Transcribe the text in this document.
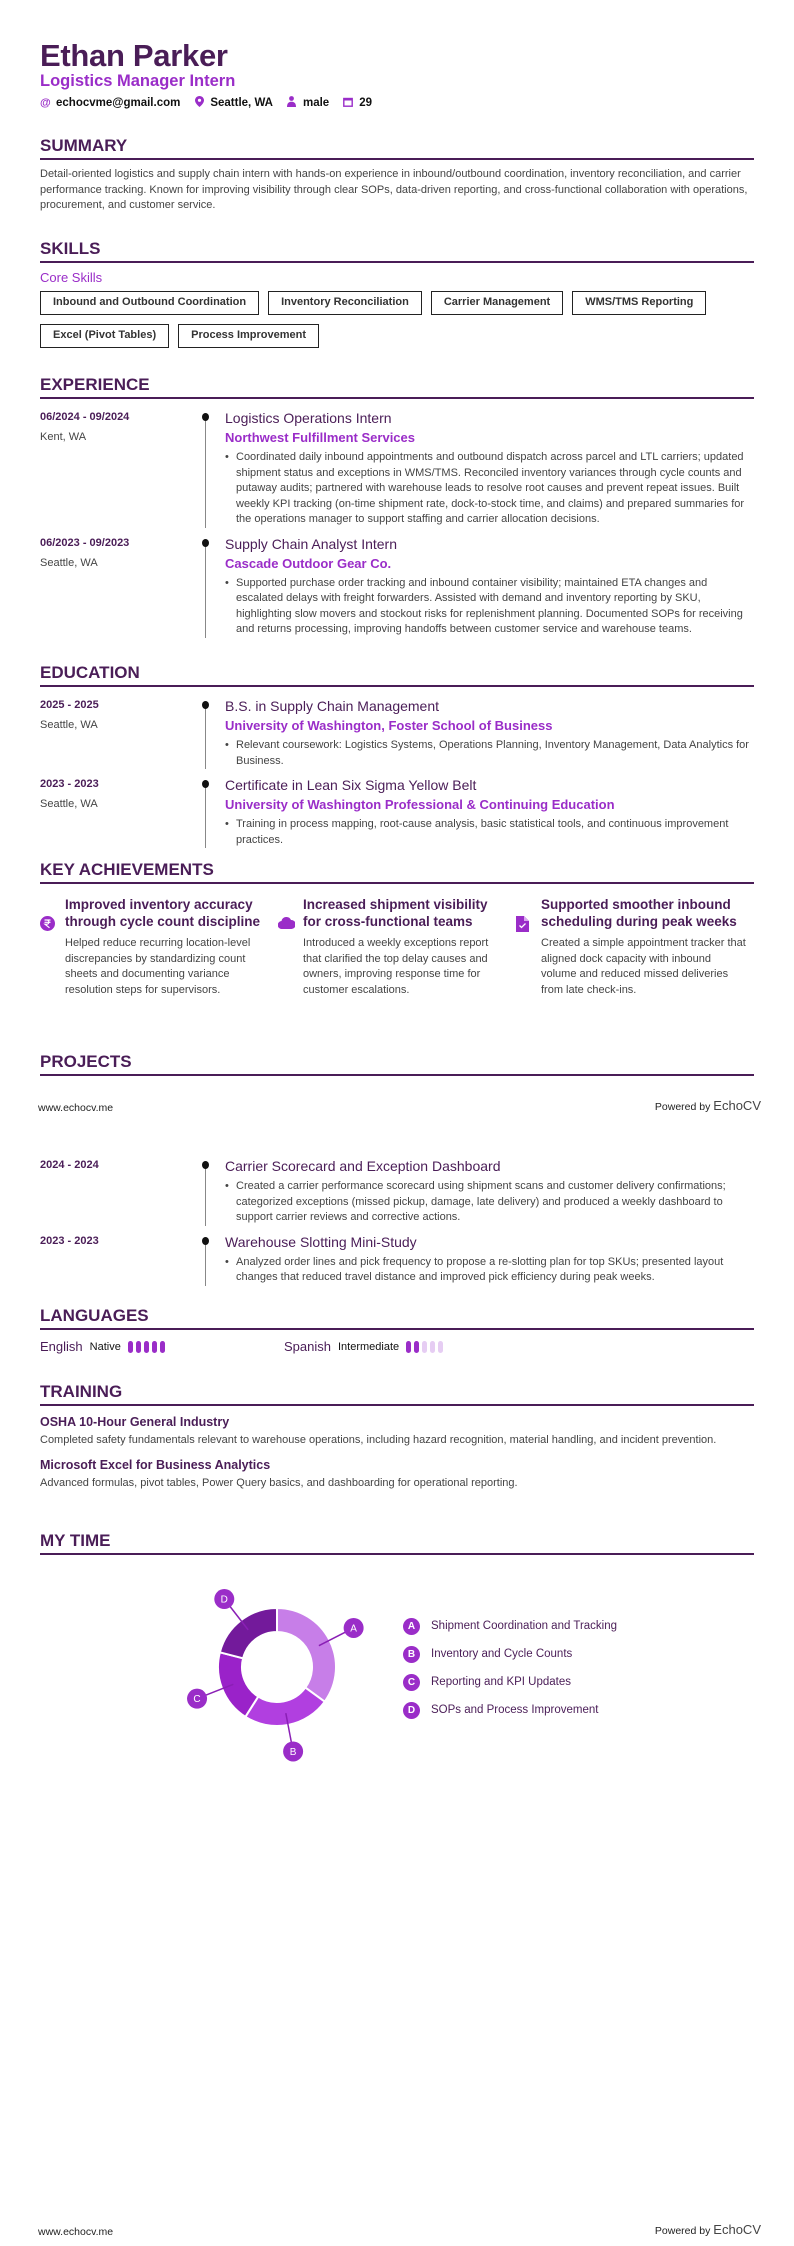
Ethan Parker
Logistics Manager Intern
@ echocvme@gmail.com	Seattle, WA	male	29
SUMMARY
Detail-oriented logistics and supply chain intern with hands-on experience in inbound/outbound coordination, inventory reconciliation, and carrier performance tracking. Known for improving visibility through clear SOPs, data-driven reporting, and cross-functional collaboration with operations, procurement, and customer service.
SKILLS
Core Skills
Inbound and Outbound Coordination	Inventory Reconciliation	Carrier Management	WMS/TMS Reporting
Excel (Pivot Tables)	Process Improvement
EXPERIENCE
06/2024 - 09/2024
Kent, WA
Logistics Operations Intern
Northwest Fulfillment Services
• Coordinated daily inbound appointments and outbound dispatch across parcel and LTL carriers; updated shipment status and exceptions in WMS/TMS. Reconciled inventory variances through cycle counts and putaway audits; partnered with warehouse leads to resolve root causes and prevent repeat issues. Built weekly KPI tracking (on-time shipment rate, dock-to-stock time, and claims) and prepared summaries for the operations manager to support staffing and carrier allocation decisions.
06/2023 - 09/2023
Seattle, WA
Supply Chain Analyst Intern
Cascade Outdoor Gear Co.
• Supported purchase order tracking and inbound container visibility; maintained ETA changes and escalated delays with freight forwarders. Assisted with demand and inventory reporting by SKU, highlighting slow movers and stockout risks for replenishment planning. Documented SOPs for receiving and returns processing, improving handoffs between customer service and warehouse teams.
EDUCATION
2025 - 2025
Seattle, WA
B.S. in Supply Chain Management
University of Washington, Foster School of Business
• Relevant coursework: Logistics Systems, Operations Planning, Inventory Management, Data Analytics for Business.
2023 - 2023
Seattle, WA
Certificate in Lean Six Sigma Yellow Belt
University of Washington Professional & Continuing Education
• Training in process mapping, root-cause analysis, basic statistical tools, and continuous improvement practices.
KEY ACHIEVEMENTS
Improved inventory accuracy through cycle count discipline
Helped reduce recurring location-level discrepancies by standardizing count sheets and documenting variance resolution steps for supervisors.
Increased shipment visibility for cross-functional teams
Introduced a weekly exceptions report that clarified the top delay causes and owners, improving response time for customer escalations.
Supported smoother inbound scheduling during peak weeks
Created a simple appointment tracker that aligned dock capacity with inbound volume and reduced missed deliveries from late check-ins.
PROJECTS
www.echocv.me	Powered by EchoCV
2024 - 2024	Carrier Scorecard and Exception Dashboard
• Created a carrier performance scorecard using shipment scans and customer delivery confirmations; categorized exceptions (missed pickup, damage, late delivery) and produced a weekly dashboard to support carrier reviews and corrective actions.
2023 - 2023	Warehouse Slotting Mini-Study
• Analyzed order lines and pick frequency to propose a re-slotting plan for top SKUs; presented layout changes that reduced travel distance and improved pick efficiency during peak weeks.
LANGUAGES
English Native	Spanish Intermediate
TRAINING
OSHA 10-Hour General Industry
Completed safety fundamentals relevant to warehouse operations, including hazard recognition, material handling, and incident prevention.
Microsoft Excel for Business Analytics
Advanced formulas, pivot tables, Power Query basics, and dashboarding for operational reporting.
MY TIME
A
B
C
D
A	Shipment Coordination and Tracking
B	Inventory and Cycle Counts
C	Reporting and KPI Updates
D	SOPs and Process Improvement
www.echocv.me	Powered by EchoCV
